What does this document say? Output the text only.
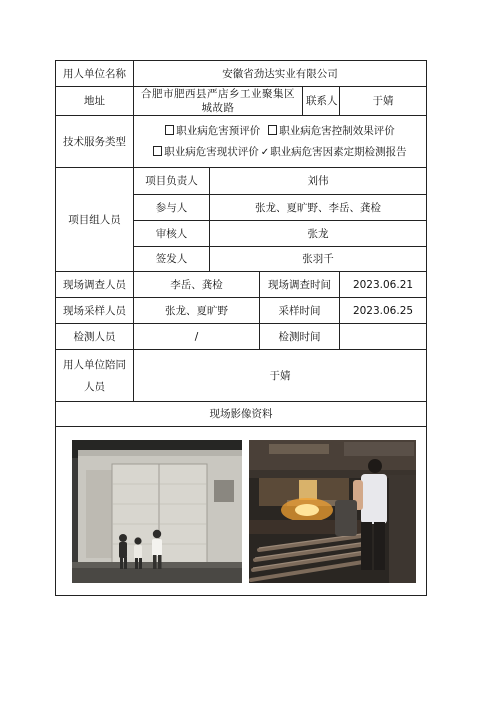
用人单位名称	安徽省劲达实业有限公司				
地址	合肥市肥西县严店乡工业聚集区
城故路			联系人	于婧
技术服务类型	职业病危害预评价 职业病危害控制效果评价
职业病危害现状评价 ✓职业病危害因素定期检测报告				

项目组人员	项目负责人	刘伟			
	参与人	张龙、夏旷野、李岳、龚检			
	审核人	张龙			
	签发人	张羽千			
现场调查人员	李岳、龚检		现场调查时间		2023.06.21
现场采样人员	张龙、夏旷野		采样时间		2023.06.25
检测人员	/		检测时间		

用人单位陪同
人员	于婧				
现场影像资料					
